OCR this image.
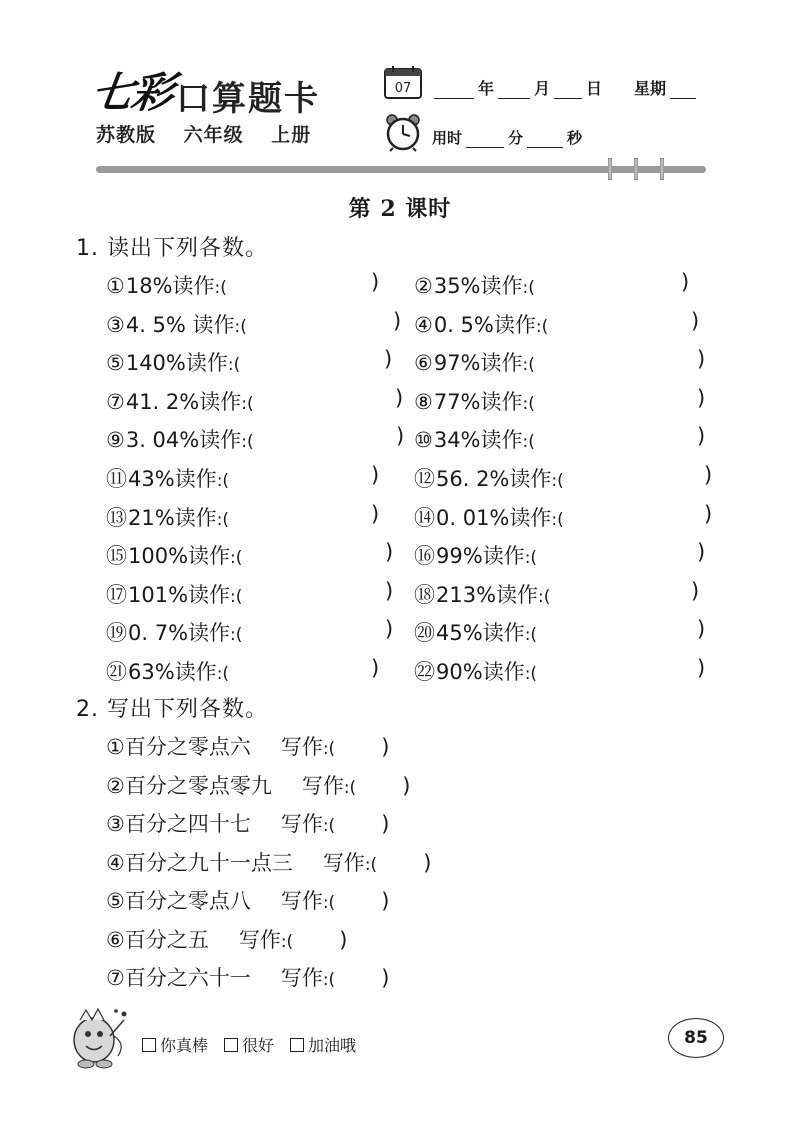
七彩 口算题卡
苏教版 六年级 上册
07	年	月 日 星期
用时	分	秒
第 2 课时
1. 读出下列各数。
①18%读作:(	) ②35%读作:(	)
③4. 5% 读作:(	) ④0. 5%读作:(	)
⑤140%读作:(	) ⑥97%读作:(	)
⑦41. 2%读作:(	) ⑧77%读作:(	)
⑨3. 04%读作:(	) ⑩34%读作:(	)
⑪43%读作:(	) ⑫56. 2%读作:(	)
⑬21%读作:(	) ⑭0. 01%读作:(	)
⑮100%读作:(	) ⑯99%读作:(	)
⑰101%读作:(	) ⑱213%读作:(	)
⑲0. 7%读作:(	) ⑳45%读作:(	)
㉑63%读作:(	) ㉒90%读作:(	)
2. 写出下列各数。
①百分之零点六 写作:( )
②百分之零点零九 写作:( )
③百分之四十七 写作:( )
④百分之九十一点三 写作:( )
⑤百分之零点八 写作:( )
⑥百分之五 写作:( )
⑦百分之六十一 写作:( )
你真棒 很好 加油哦	85
